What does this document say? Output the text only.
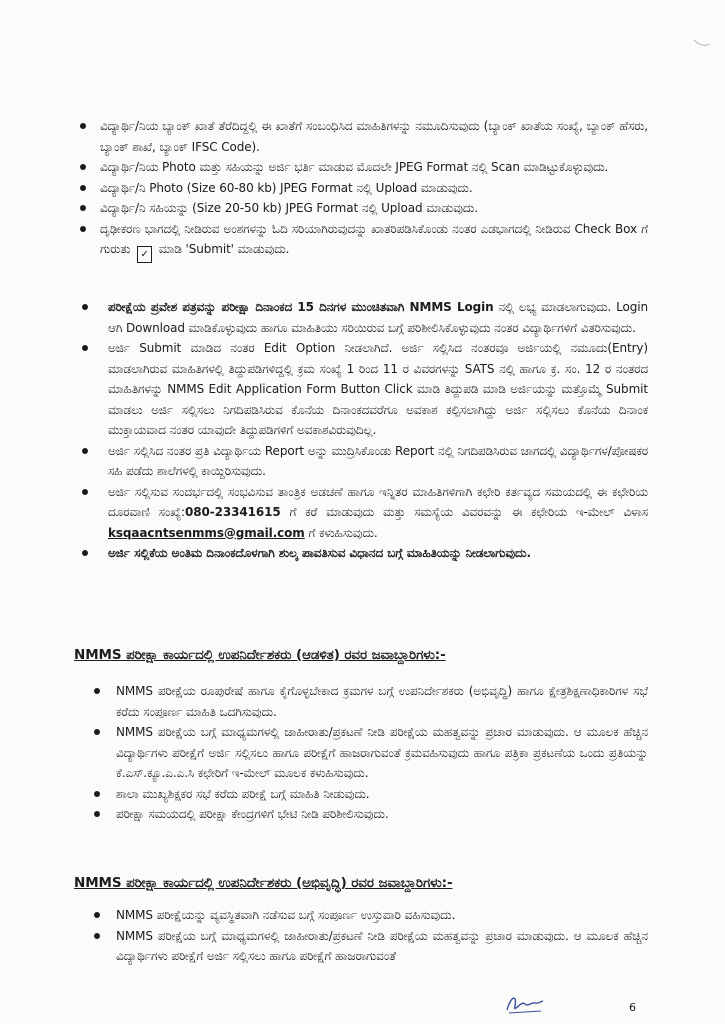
ವಿದ್ಯಾರ್ಥಿ/ನಿಯ ಬ್ಯಾಂಕ್ ಖಾತೆ ತೆರೆದಿದ್ದಲ್ಲಿ ಈ ಖಾತೆಗೆ ಸಂಬಂಧಿಸಿದ ಮಾಹಿತಿಗಳನ್ನು ನಮೂದಿಸುವುದು (ಬ್ಯಾಂಕ್ ಖಾತೆಯ ಸಂಖ್ಯೆ, ಬ್ಯಾಂಕ್ ಹೆಸರು, ಬ್ಯಾಂಕ್ ಶಾಖೆ, ಬ್ಯಾಂಕ್ IFSC Code).
ವಿದ್ಯಾರ್ಥಿ/ನಿಯ Photo ಮತ್ತು ಸಹಿಯನ್ನು ಅರ್ಜಿ ಭರ್ತಿ ಮಾಡುವ ಮೊದಲೇ JPEG Format ನಲ್ಲಿ Scan ಮಾಡಿಟ್ಟುಕೊಳ್ಳುವುದು.
ವಿದ್ಯಾರ್ಥಿ/ನಿ Photo (Size 60-80 kb) JPEG Format ನಲ್ಲಿ Upload ಮಾಡುವುದು.
ವಿದ್ಯಾರ್ಥಿ/ನಿ ಸಹಿಯನ್ನು (Size 20-50 kb) JPEG Format ನಲ್ಲಿ Upload ಮಾಡುವುದು.
ದೃಢೀಕರಣ ಭಾಗದಲ್ಲಿ ನೀಡಿರುವ ಅಂಶಗಳನ್ನು ಓದಿ ಸರಿಯಾಗಿರುವುದನ್ನು ಖಾತರಿಪಡಿಸಿಕೊಂಡು ನಂತರ ಎಡಭಾಗದಲ್ಲಿ ನೀಡಿರುವ Check Box ಗೆ ಗುರುತು ✓ ಮಾಡಿ 'Submit' ಮಾಡುವುದು.
ಪರೀಕ್ಷೆಯ ಪ್ರವೇಶ ಪತ್ರವನ್ನು ಪರೀಕ್ಷಾ ದಿನಾಂಕದ 15 ದಿನಗಳ ಮುಂಚಿತವಾಗಿ NMMS Login ನಲ್ಲಿ ಲಭ್ಯ ಮಾಡಲಾಗುವುದು. Login ಆಗಿ Download ಮಾಡಿಕೊಳ್ಳುವುದು ಹಾಗೂ ಮಾಹಿತಿಯು ಸರಿಯಿರುವ ಬಗ್ಗೆ ಪರಿಶೀಲಿಸಿಕೊಳ್ಳುವುದು ನಂತರ ವಿದ್ಯಾರ್ಥಿಗಳಿಗೆ ವಿತರಿಸುವುದು.
ಅರ್ಜಿ Submit ಮಾಡಿದ ನಂತರ Edit Option ನೀಡಲಾಗಿದೆ. ಅರ್ಜಿ ಸಲ್ಲಿಸಿದ ನಂತರವೂ ಅರ್ಜಿಯಲ್ಲಿ ನಮೂದು(Entry) ಮಾಡಲಾಗಿರುವ ಮಾಹಿತಿಗಳಲ್ಲಿ ತಿದ್ದುಪಡಿಗಳಿದ್ದಲ್ಲಿ ಕ್ರಮ ಸಂಖ್ಯೆ 1 ರಿಂದ 11 ರ ವಿವರಗಳನ್ನು SATS ನಲ್ಲಿ ಹಾಗೂ ಕ್ರ. ಸಂ. 12 ರ ನಂತರದ ಮಾಹಿತಿಗಳನ್ನು NMMS Edit Application Form Button Click ಮಾಡಿ ತಿದ್ದುಪಡಿ ಮಾಡಿ ಅರ್ಜಿಯನ್ನು ಮತ್ತೊಮ್ಮೆ Submit ಮಾಡಲು ಅರ್ಜಿ ಸಲ್ಲಿಸಲು ನಿಗದಿಪಡಿಸಿರುವ ಕೊನೆಯ ದಿನಾಂಕದವರೆಗೂ ಅವಕಾಶ ಕಲ್ಪಿಸಲಾಗಿದ್ದು ಅರ್ಜಿ ಸಲ್ಲಿಸಲು ಕೊನೆಯ ದಿನಾಂಕ ಮುಕ್ತಾಯವಾದ ನಂತರ ಯಾವುದೇ ತಿದ್ದುಪಡಿಗಳಿಗೆ ಅವಕಾಶವಿರುವುದಿಲ್ಲ.
ಅರ್ಜಿ ಸಲ್ಲಿಸಿದ ನಂತರ ಪ್ರತಿ ವಿದ್ಯಾರ್ಥಿಯ Report ಅನ್ನು ಮುದ್ರಿಸಿಕೊಂಡು Report ನಲ್ಲಿ ನಿಗದಿಪಡಿಸಿರುವ ಜಾಗದಲ್ಲಿ ವಿದ್ಯಾರ್ಥಿಗಳ/ಪೋಷಕರ ಸಹಿ ಪಡೆದು ಶಾಲೆಗಳಲ್ಲಿ ಕಾಯ್ದಿರಿಸುವುದು.
ಅರ್ಜಿ ಸಲ್ಲಿಸುವ ಸಂದರ್ಭದಲ್ಲಿ ಸಂಭವಿಸುವ ತಾಂತ್ರಿಕ ಅಡಚಣೆ ಹಾಗೂ ಇನ್ನಿತರ ಮಾಹಿತಿಗಳಿಗಾಗಿ ಕಛೇರಿ ಕರ್ತವ್ಯದ ಸಮಯದಲ್ಲಿ ಈ ಕಛೇರಿಯ ದೂರವಾಣಿ ಸಂಖ್ಯೆ:080-23341615 ಗೆ ಕರೆ ಮಾಡುವುದು ಮತ್ತು ಸಮಸ್ಯೆಯ ವಿವರವನ್ನು ಈ ಕಛೇರಿಯ ಇ-ಮೇಲ್ ವಿಳಾಸ ksqaacntsenmms@gmail.com ಗೆ ಕಳುಹಿಸುವುದು.
ಅರ್ಜಿ ಸಲ್ಲಿಕೆಯ ಅಂತಿಮ ದಿನಾಂಕದೊಳಗಾಗಿ ಶುಲ್ಕ ಪಾವತಿಸುವ ವಿಧಾನದ ಬಗ್ಗೆ ಮಾಹಿತಿಯನ್ನು ನೀಡಲಾಗುವುದು.
NMMS ಪರೀಕ್ಷಾ ಕಾರ್ಯದಲ್ಲಿ ಉಪನಿರ್ದೇಶಕರು (ಆಡಳಿತ) ರವರ ಜವಾಬ್ದಾರಿಗಳು:-
NMMS ಪರೀಕ್ಷೆಯ ರೂಪುರೇಷೆ ಹಾಗೂ ಕೈಗೊಳ್ಳಬೇಕಾದ ಕ್ರಮಗಳ ಬಗ್ಗೆ ಉಪನಿರ್ದೇಶಕರು (ಅಭಿವೃದ್ಧಿ) ಹಾಗೂ ಕ್ಷೇತ್ರಶಿಕ್ಷಣಾಧಿಕಾರಿಗಳ ಸಭೆ ಕರೆದು ಸಂಪೂರ್ಣ ಮಾಹಿತಿ ಒದಗಿಸುವುದು.
NMMS ಪರೀಕ್ಷೆಯ ಬಗ್ಗೆ ಮಾಧ್ಯಮಗಳಲ್ಲಿ ಜಾಹೀರಾತು/ಪ್ರಕಟಣೆ ನೀಡಿ ಪರೀಕ್ಷೆಯ ಮಹತ್ವವನ್ನು ಪ್ರಚಾರ ಮಾಡುವುದು. ಆ ಮೂಲಕ ಹೆಚ್ಚಿನ ವಿದ್ಯಾರ್ಥಿಗಳು ಪರೀಕ್ಷೆಗೆ ಅರ್ಜಿ ಸಲ್ಲಿಸಲು ಹಾಗೂ ಪರೀಕ್ಷೆಗೆ ಹಾಜರಾಗುವಂತೆ ಕ್ರಮವಹಿಸುವುದು ಹಾಗೂ ಪತ್ರಿಕಾ ಪ್ರಕಟಣೆಯ ಒಂದು ಪ್ರತಿಯನ್ನು ಕೆ.ಎಸ್.ಕ್ಯೂ.ಎ.ಎ.ಸಿ ಕಛೇರಿಗೆ ಇ-ಮೇಲ್ ಮೂಲಕ ಕಳುಹಿಸುವುದು.
ಶಾಲಾ ಮುಖ್ಯಶಿಕ್ಷಕರ ಸಭೆ ಕರೆದು ಪರೀಕ್ಷೆ ಬಗ್ಗೆ ಮಾಹಿತಿ ನೀಡುವುದು.
ಪರೀಕ್ಷಾ ಸಮಯದಲ್ಲಿ ಪರೀಕ್ಷಾ ಕೇಂದ್ರಗಳಿಗೆ ಭೇಟಿ ನೀಡಿ ಪರಿಶೀಲಿಸುವುದು.
NMMS ಪರೀಕ್ಷಾ ಕಾರ್ಯದಲ್ಲಿ ಉಪನಿರ್ದೇಶಕರು (ಅಭಿವೃದ್ಧಿ) ರವರ ಜವಾಬ್ದಾರಿಗಳು:-
NMMS ಪರೀಕ್ಷೆಯನ್ನು ವ್ಯವಸ್ಥಿತವಾಗಿ ನಡೆಸುವ ಬಗ್ಗೆ ಸಂಪೂರ್ಣ ಉಸ್ತುವಾರಿ ವಹಿಸುವುದು.
NMMS ಪರೀಕ್ಷೆಯ ಬಗ್ಗೆ ಮಾಧ್ಯಮಗಳಲ್ಲಿ ಜಾಹೀರಾತು/ಪ್ರಕಟಣೆ ನೀಡಿ ಪರೀಕ್ಷೆಯ ಮಹತ್ವವನ್ನು ಪ್ರಚಾರ ಮಾಡುವುದು. ಆ ಮೂಲಕ ಹೆಚ್ಚಿನ ವಿದ್ಯಾರ್ಥಿಗಳು ಪರೀಕ್ಷೆಗೆ ಅರ್ಜಿ ಸಲ್ಲಿಸಲು ಹಾಗೂ ಪರೀಕ್ಷೆಗೆ ಹಾಜರಾಗುವಂತೆ
6
